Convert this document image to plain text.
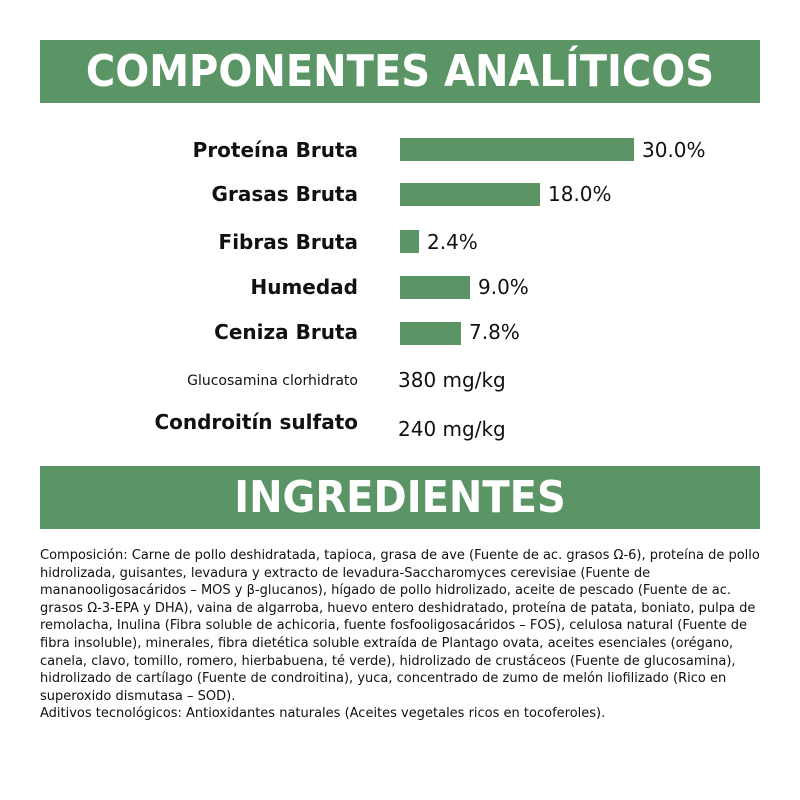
COMPONENTES ANALÍTICOS
Proteína Bruta	30.0%
Grasas Bruta	18.0%
Fibras Bruta	2.4%
Humedad	9.0%
Ceniza Bruta	7.8%
Glucosamina clorhidrato 380 mg/kg
Condroitín sulfato 240 mg/kg
INGREDIENTES

Composición: Carne de pollo deshidratada, tapioca, grasa de ave (Fuente de ac. grasos Ω-6), proteína de pollo hidrolizada, guisantes, levadura y extracto de levadura-Saccharomyces cerevisiae (Fuente de mananooligosacáridos – MOS y β-glucanos), hígado de pollo hidrolizado, aceite de pescado (Fuente de ac. grasos Ω-3-EPA y DHA), vaina de algarroba, huevo entero deshidratado, proteína de patata, boniato, pulpa de remolacha, Inulina (Fibra soluble de achicoria, fuente fosfooligosacáridos – FOS), celulosa natural (Fuente de fibra insoluble), minerales, fibra dietética soluble extraída de Plantago ovata, aceites esenciales (orégano, canela, clavo, tomillo, romero, hierbabuena, té verde), hidrolizado de crustáceos (Fuente de glucosamina), hidrolizado de cartílago (Fuente de condroitina), yuca, concentrado de zumo de melón liofilizado (Rico en superoxido dismutasa – SOD).

Aditivos tecnológicos: Antioxidantes naturales (Aceites vegetales ricos en tocoferoles).
